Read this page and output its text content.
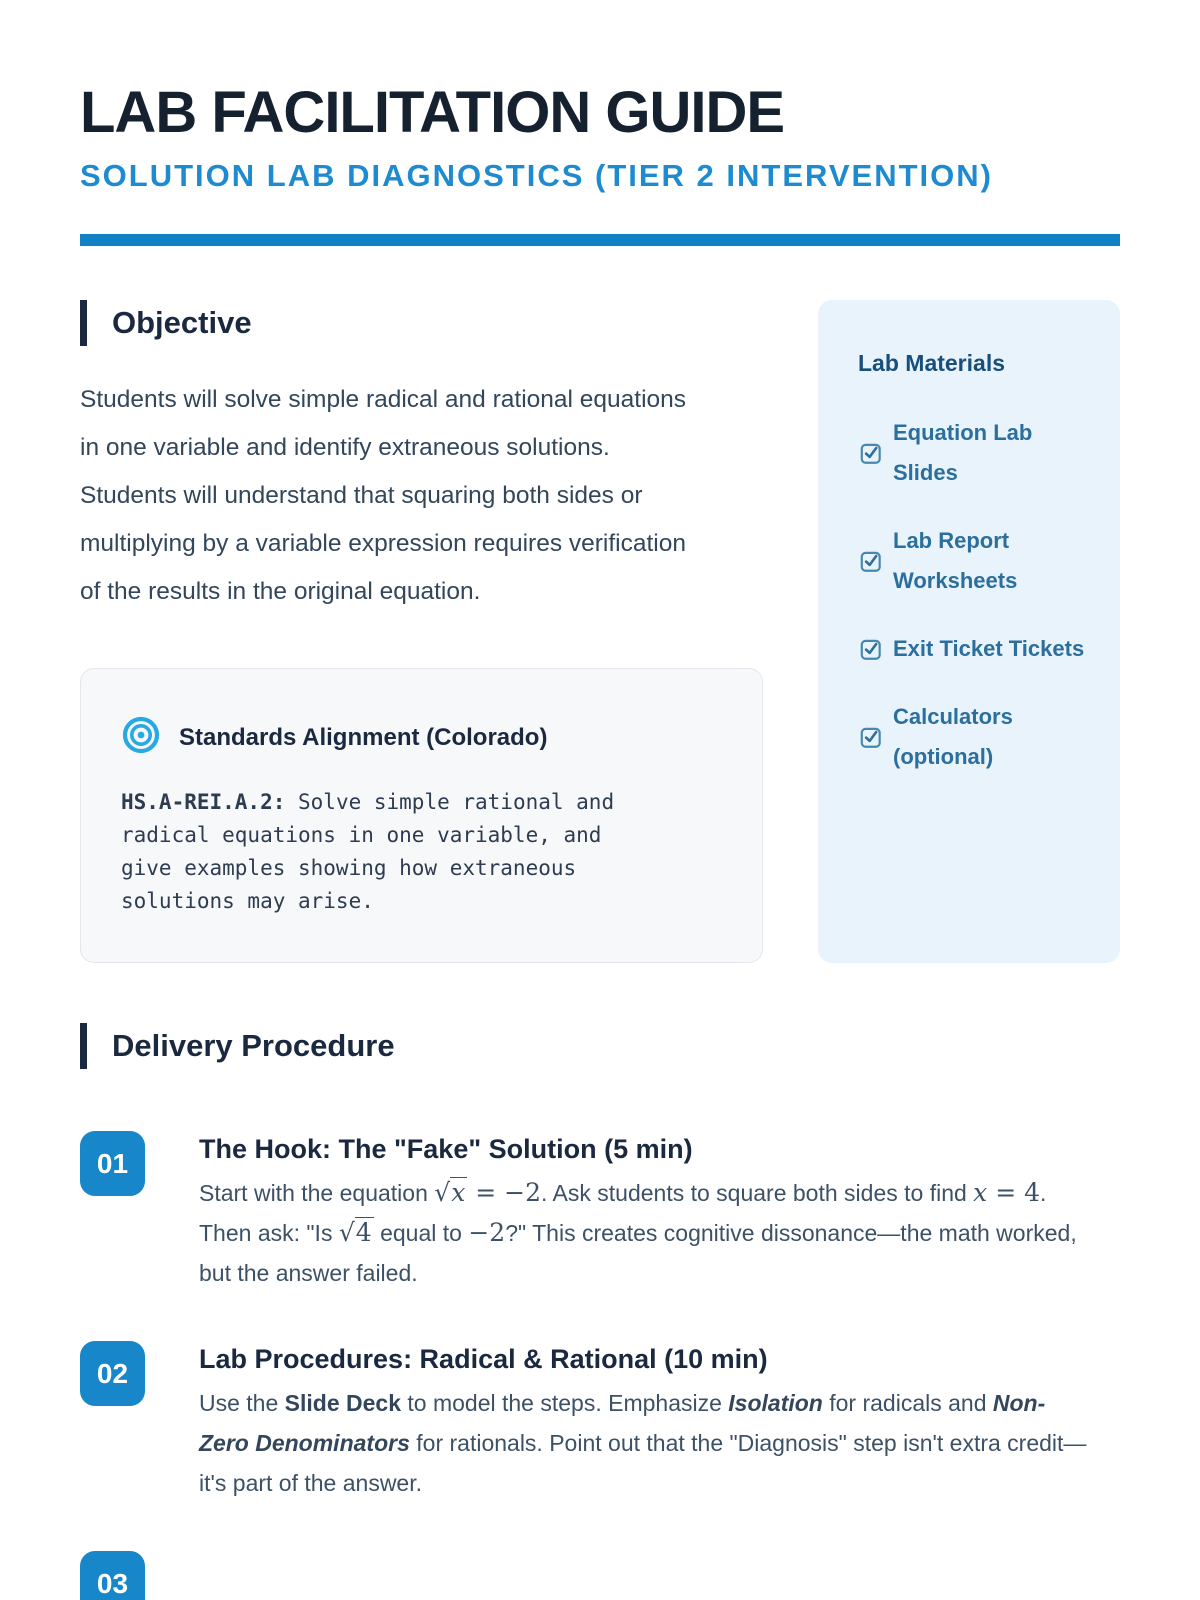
LAB FACILITATION GUIDE
SOLUTION LAB DIAGNOSTICS (TIER 2 INTERVENTION)
Objective

Students will solve simple radical and rational equations in one variable and identify extraneous solutions. Students will understand that squaring both sides or multiplying by a variable expression requires verification of the results in the original equation.

Standards Alignment (Colorado)

HS.A-REI.A.2: Solve simple rational and radical equations in one variable, and give examples showing how extraneous solutions may arise.

Lab Materials
Equation Lab Slides
Lab Report Worksheets
Exit Ticket Tickets
Calculators (optional)
Delivery Procedure
01	The Hook: The "Fake" Solution (5 min)
Start with the equation √x = −2. Ask students to square both sides to find x = 4. Then ask: "Is √4 equal to −2?" This creates cognitive dissonance—the math worked, but the answer failed.
02	Lab Procedures: Radical & Rational (10 min)
Use the Slide Deck to model the steps. Emphasize Isolation for radicals and Non-Zero Denominators for rationals. Point out that the "Diagnosis" step isn't extra credit—it's part of the answer.
03
